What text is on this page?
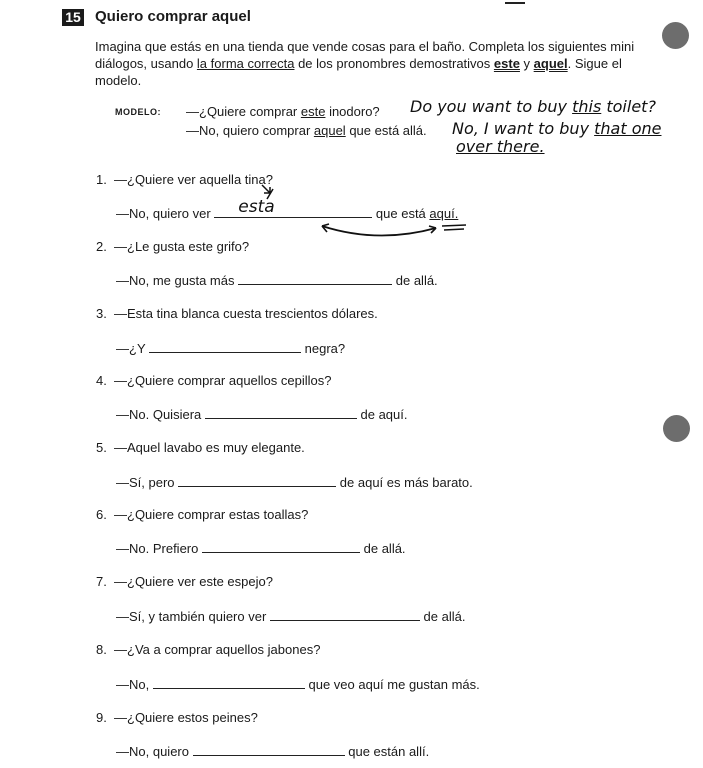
15 Quiero comprar aquel
Imagina que estás en una tienda que vende cosas para el baño. Completa los siguientes mini diálogos, usando la forma correcta de los pronombres demostrativos este y aquel. Sigue el modelo.
MODELO: —¿Quiere comprar este inodoro? Do you want to buy this toilet?
—No, quiero comprar aquel que está allá. No, I want to buy that one
over there.
1. —¿Quiere ver aquella tina?
—No, quiero ver esta	que está aquí.
2. —¿Le gusta este grifo?
—No, me gusta más	de allá.
3. —Esta tina blanca cuesta trescientos dólares.
—¿Y	negra?
4. —¿Quiere comprar aquellos cepillos?
—No. Quisiera	de aquí.
5. —Aquel lavabo es muy elegante.
—Sí, pero	de aquí es más barato.
6. —¿Quiere comprar estas toallas?
—No. Prefiero	de allá.
7. —¿Quiere ver este espejo?
—Sí, y también quiero ver	de allá.
8. —¿Va a comprar aquellos jabones?
—No,	que veo aquí me gustan más.
9. —¿Quiere estos peines?
—No, quiero	que están allí.
